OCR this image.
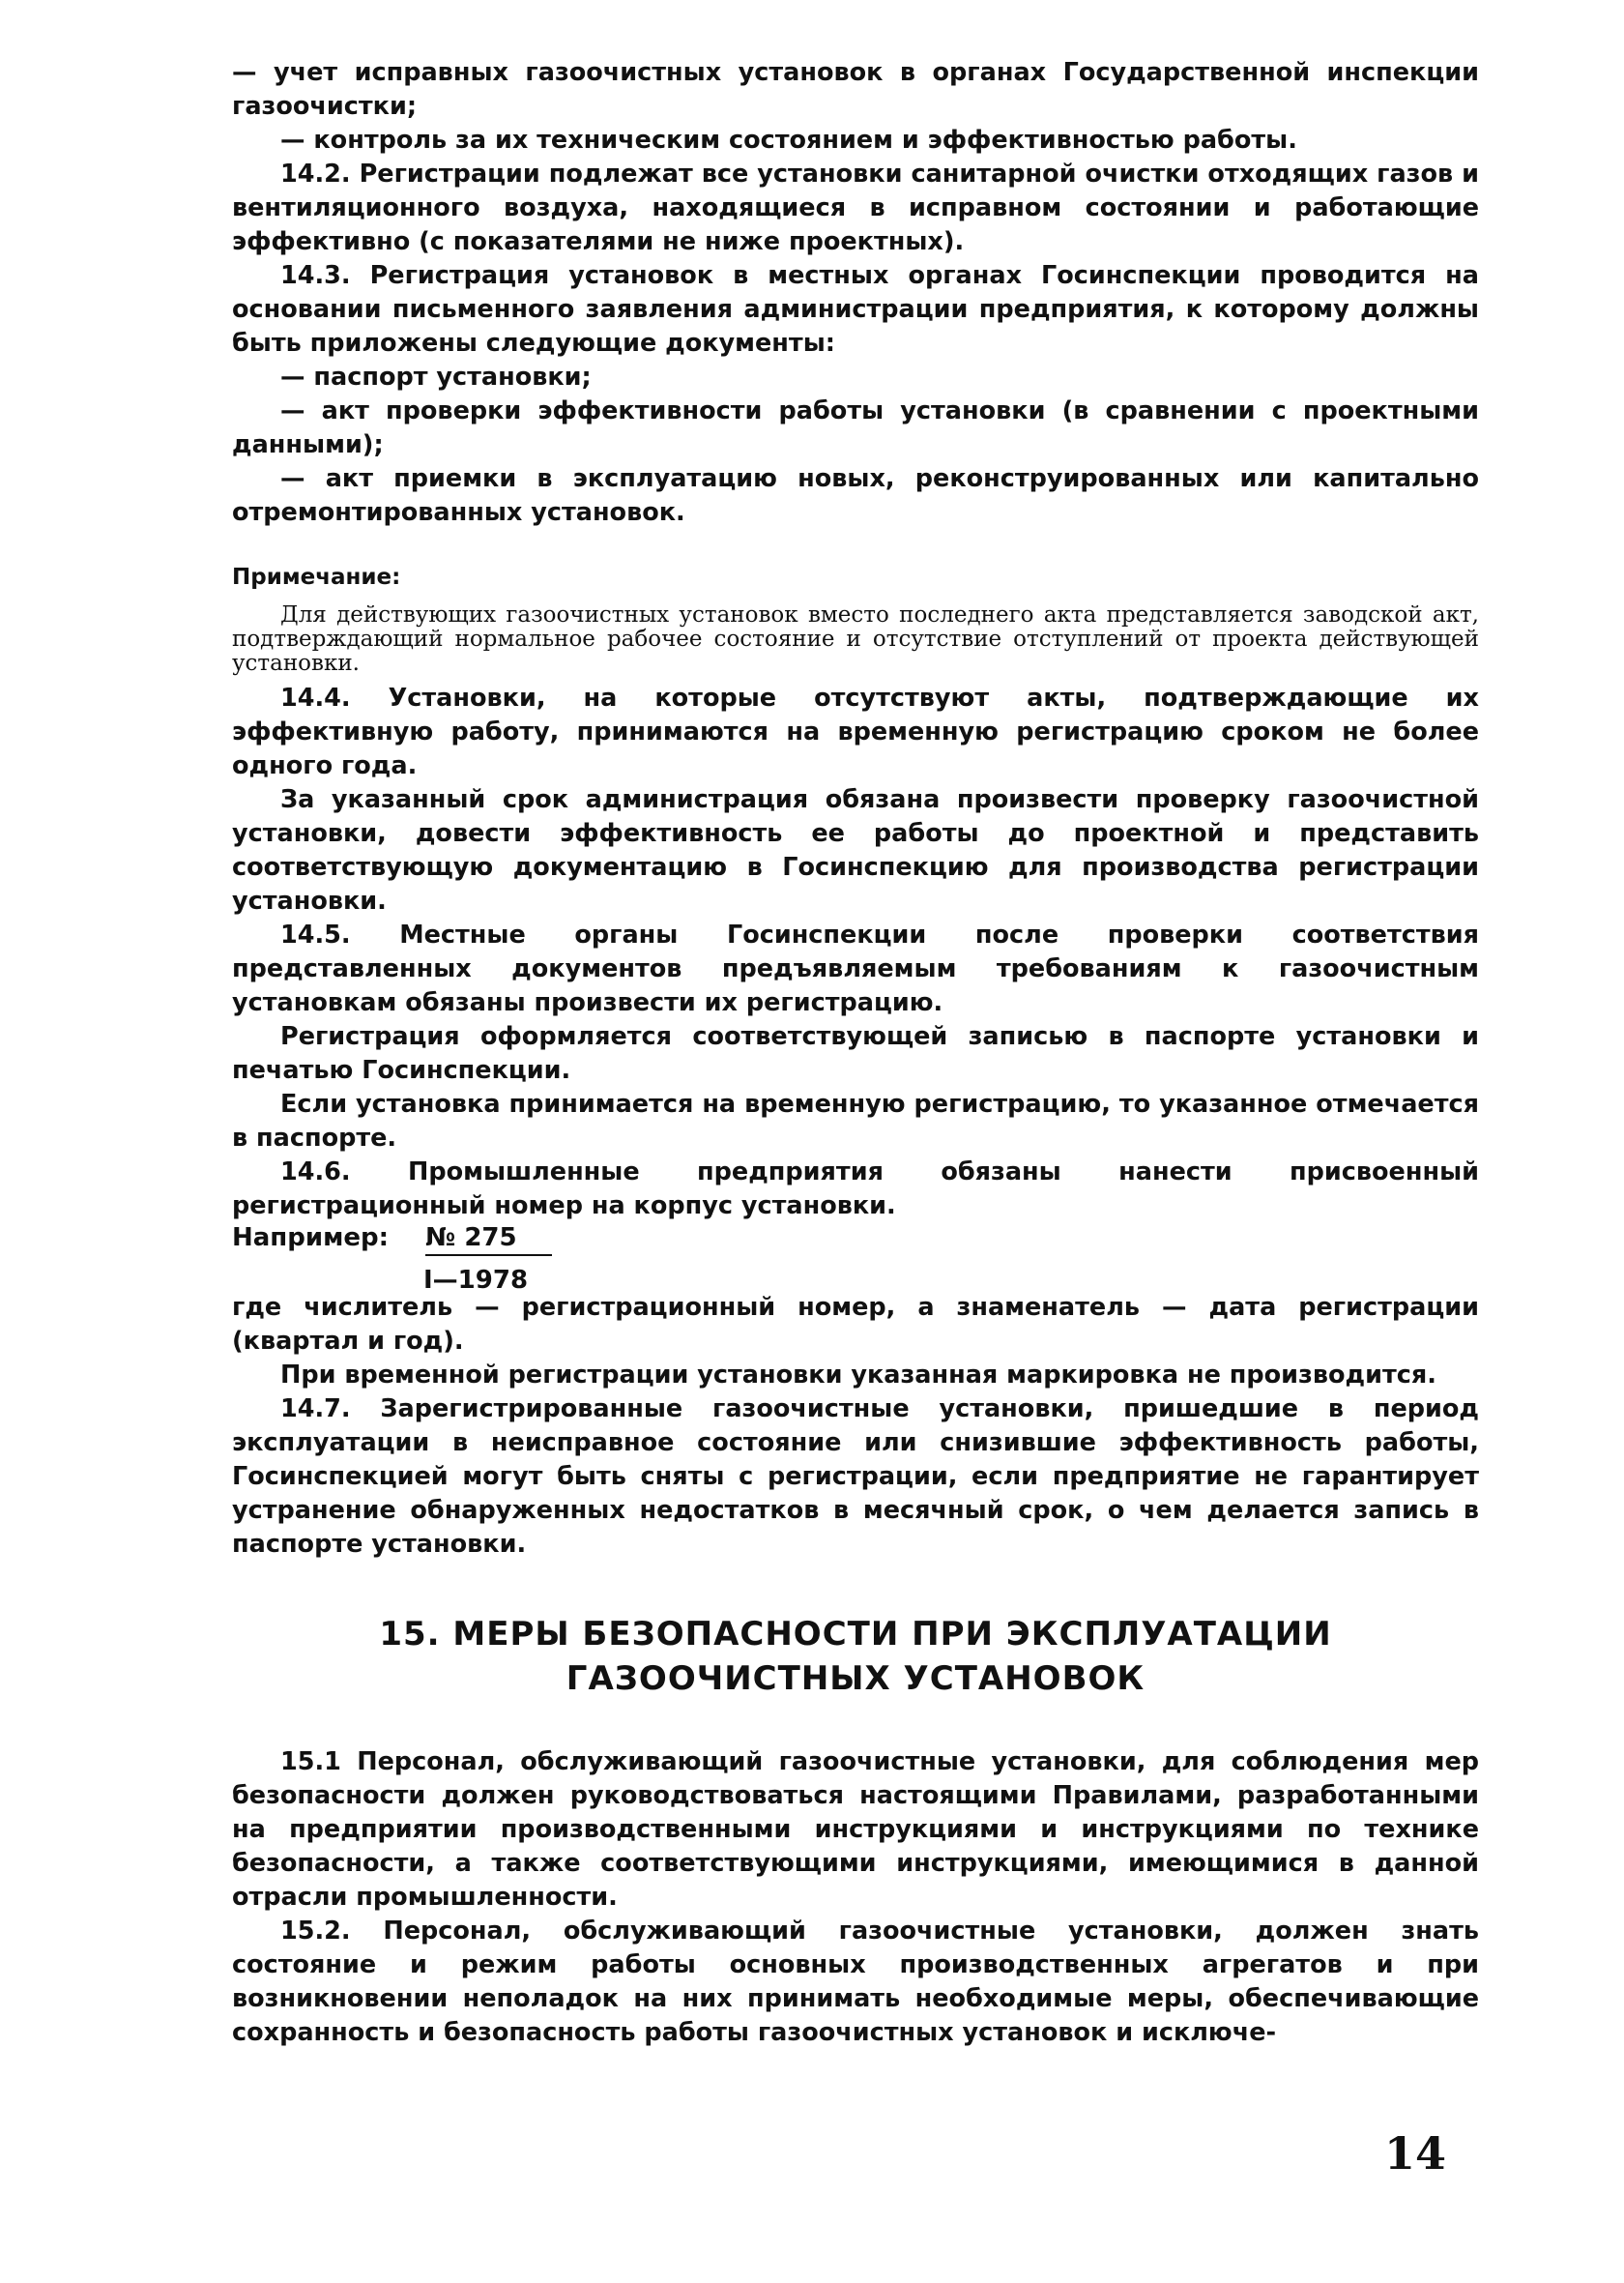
— учет исправных газоочистных установок в органах Государственной инспекции газоочистки;

— контроль за их техническим состоянием и эффективностью работы.

14.2. Регистрации подлежат все установки санитарной очистки отходящих газов и вентиляционного воздуха, находящиеся в исправном состоянии и работающие эффективно (с показателями не ниже проектных).

14.3. Регистрация установок в местных органах Госинспекции проводится на основании письменного заявления администрации предприятия, к которому должны быть приложены следующие документы:

— паспорт установки;

— акт проверки эффективности работы установки (в сравнении с проектными данными);

— акт приемки в эксплуатацию новых, реконструированных или капитально отремонтированных установок.

Примечание:

Для действующих газоочистных установок вместо последнего акта представляется заводской акт, подтверждающий нормальное рабочее состояние и отсутствие отступлений от проекта действующей установки.

14.4. Установки, на которые отсутствуют акты, подтверждающие их эффективную работу, принимаются на временную регистрацию сроком не более одного года.

За указанный срок администрация обязана произвести проверку газоочистной установки, довести эффективность ее работы до проектной и представить соответствующую документацию в Госинспекцию для производства регистрации установки.

14.5. Местные органы Госинспекции после проверки соответствия представленных документов предъявляемым требованиям к газоочистным установкам обязаны произвести их регистрацию.

Регистрация оформляется соответствующей записью в паспорте установки и печатью Госинспекции.

Если установка принимается на временную регистрацию, то указанное отмечается в паспорте.

14.6. Промышленные предприятия обязаны нанести присвоенный регистрационный номер на корпус установки.

Например: № 275
I—1978

где числитель — регистрационный номер, а знаменатель — дата регистрации (квартал и год).

При временной регистрации установки указанная маркировка не производится.

14.7. Зарегистрированные газоочистные установки, пришедшие в период эксплуатации в неисправное состояние или снизившие эффективность работы, Госинспекцией могут быть сняты с регистрации, если предприятие не гарантирует устранение обнаруженных недостатков в месячный срок, о чем делается запись в паспорте установки.

15. МЕРЫ БЕЗОПАСНОСТИ ПРИ ЭКСПЛУАТАЦИИ
ГАЗООЧИСТНЫХ УСТАНОВОК

15.1 Персонал, обслуживающий газоочистные установки, для соблюдения мер безопасности должен руководствоваться настоящими Правилами, разработанными на предприятии производственными инструкциями и инструкциями по технике безопасности, а также соответствующими инструкциями, имеющимися в данной отрасли промышленности.

15.2. Персонал, обслуживающий газоочистные установки, должен знать состояние и режим работы основных производственных агрегатов и при возникновении неполадок на них принимать необходимые меры, обеспечивающие сохранность и безопасность работы газоочистных установок и исключе-

14
